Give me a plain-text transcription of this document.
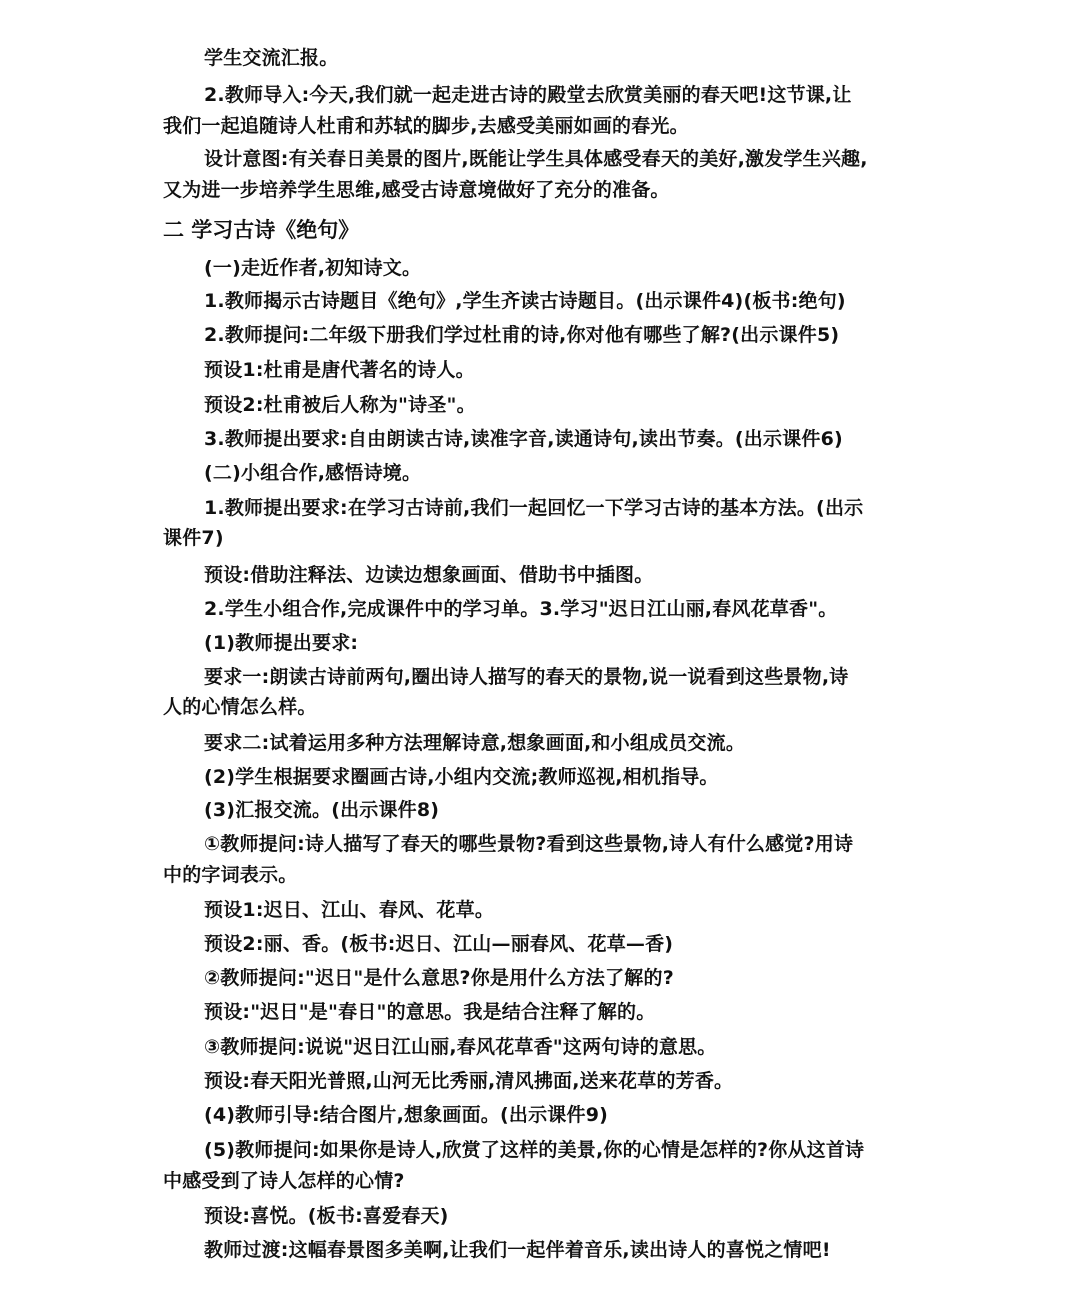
学生交流汇报。
2.教师导入:今天,我们就一起走进古诗的殿堂去欣赏美丽的春天吧!这节课,让
我们一起追随诗人杜甫和苏轼的脚步,去感受美丽如画的春光。
设计意图:有关春日美景的图片,既能让学生具体感受春天的美好,激发学生兴趣,
又为进一步培养学生思维,感受古诗意境做好了充分的准备。
二 学习古诗《绝句》
(一)走近作者,初知诗文。
1.教师揭示古诗题目《绝句》,学生齐读古诗题目。(出示课件4)(板书:绝句)
2.教师提问:二年级下册我们学过杜甫的诗,你对他有哪些了解?(出示课件5)
预设1:杜甫是唐代著名的诗人。
预设2:杜甫被后人称为"诗圣"。
3.教师提出要求:自由朗读古诗,读准字音,读通诗句,读出节奏。(出示课件6)
(二)小组合作,感悟诗境。
1.教师提出要求:在学习古诗前,我们一起回忆一下学习古诗的基本方法。(出示
课件7)
预设:借助注释法、边读边想象画面、借助书中插图。
2.学生小组合作,完成课件中的学习单。3.学习"迟日江山丽,春风花草香"。
(1)教师提出要求:
要求一:朗读古诗前两句,圈出诗人描写的春天的景物,说一说看到这些景物,诗
人的心情怎么样。
要求二:试着运用多种方法理解诗意,想象画面,和小组成员交流。
(2)学生根据要求圈画古诗,小组内交流;教师巡视,相机指导。
(3)汇报交流。(出示课件8)
①教师提问:诗人描写了春天的哪些景物?看到这些景物,诗人有什么感觉?用诗
中的字词表示。
预设1:迟日、江山、春风、花草。
预设2:丽、香。(板书:迟日、江山—丽春风、花草—香)
②教师提问:"迟日"是什么意思?你是用什么方法了解的?
预设:"迟日"是"春日"的意思。我是结合注释了解的。
③教师提问:说说"迟日江山丽,春风花草香"这两句诗的意思。
预设:春天阳光普照,山河无比秀丽,清风拂面,送来花草的芳香。
(4)教师引导:结合图片,想象画面。(出示课件9)
(5)教师提问:如果你是诗人,欣赏了这样的美景,你的心情是怎样的?你从这首诗
中感受到了诗人怎样的心情?
预设:喜悦。(板书:喜爱春天)
教师过渡:这幅春景图多美啊,让我们一起伴着音乐,读出诗人的喜悦之情吧!
